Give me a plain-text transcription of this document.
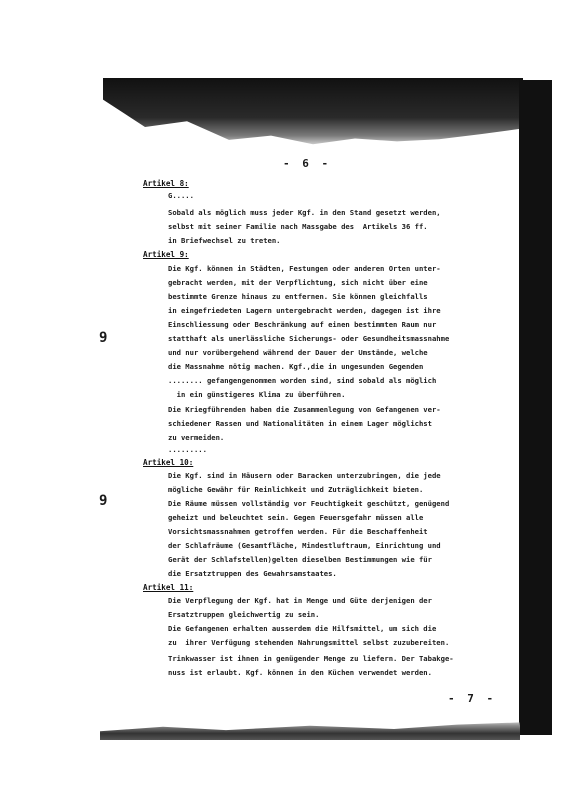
- 6 -
9
9
Artikel 8:
G.....
Sobald als möglich muss jeder Kgf. in den Stand gesetzt werden,
selbst mit seiner Familie nach Massgabe des  Artikels 36 ff.
in Briefwechsel zu treten.
Artikel 9:
Die Kgf. können in Städten, Festungen oder anderen Orten unter-
gebracht werden, mit der Verpflichtung, sich nicht über eine
bestimmte Grenze hinaus zu entfernen. Sie können gleichfalls
in eingefriedeten Lagern untergebracht werden, dagegen ist ihre
Einschliessung oder Beschränkung auf einen bestimmten Raum nur
statthaft als unerlässliche Sicherungs- oder Gesundheitsmassnahme
und nur vorübergehend während der Dauer der Umstände, welche
die Massnahme nötig machen. Kgf.,die in ungesunden Gegenden
........ gefangengenommen worden sind, sind sobald als möglich
in ein günstigeres Klima zu überführen.
Die Kriegführenden haben die Zusammenlegung von Gefangenen ver-
schiedener Rassen und Nationalitäten in einem Lager möglichst
zu vermeiden.
.........
Artikel 10:
Die Kgf. sind in Häusern oder Baracken unterzubringen, die jede
mögliche Gewähr für Reinlichkeit und Zuträglichkeit bieten.
Die Räume müssen vollständig vor Feuchtigkeit geschützt, genügend
geheizt und beleuchtet sein. Gegen Feuersgefahr müssen alle
Vorsichtsmassnahmen getroffen werden. Für die Beschaffenheit
der Schlafräume (Gesamtfläche, Mindestluftraum, Einrichtung und
Gerät der Schlafstellen)gelten dieselben Bestimmungen wie für
die Ersatztruppen des Gewahrsamstaates.
Artikel 11:
Die Verpflegung der Kgf. hat in Menge und Güte derjenigen der
Ersatztruppen gleichwertig zu sein.
Die Gefangenen erhalten ausserdem die Hilfsmittel, um sich die
zu  ihrer Verfügung stehenden Nahrungsmittel selbst zuzubereiten.
Trinkwasser ist ihnen in genügender Menge zu liefern. Der Tabakge-
nuss ist erlaubt. Kgf. können in den Küchen verwendet werden.
- 7 -
